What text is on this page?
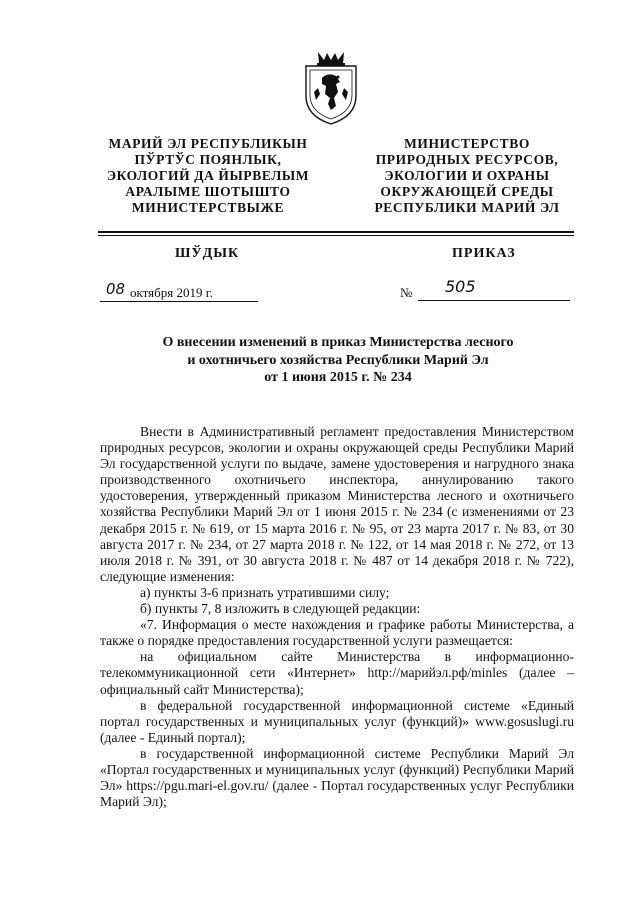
МАРИЙ ЭЛ РЕСПУБЛИКЫН
ПЎРТЎС ПОЯНЛЫК,
ЭКОЛОГИЙ ДА ЙЫРВЕЛЫМ
АРАЛЫМЕ ШОТЫШТО
МИНИСТЕРСТВЫЖЕ
МИНИСТЕРСТВО
ПРИРОДНЫХ РЕСУРСОВ,
ЭКОЛОГИИ И ОХРАНЫ
ОКРУЖАЮЩЕЙ СРЕДЫ
РЕСПУБЛИКИ МАРИЙ ЭЛ
ШЎДЫК	ПРИКАЗ
08 октября 2019 г.	№ 505
О внесении изменений в приказ Министерства лесного
и охотничьего хозяйства Республики Марий Эл
от 1 июня 2015 г. № 234

Внести в Административный регламент предоставления Министерством природных ресурсов, экологии и охраны окружающей среды Республики Марий Эл государственной услуги по выдаче, замене удостоверения и нагрудного знака производственного охотничьего инспектора, аннулированию такого удостоверения, утвержденный приказом Министерства лесного и охотничьего хозяйства Республики Марий Эл от 1 июня 2015 г. № 234 (с изменениями от 23 декабря 2015 г. № 619, от 15 марта 2016 г. № 95, от 23 марта 2017 г. № 83, от 30 августа 2017 г. № 234, от 27 марта 2018 г. № 122, от 14 мая 2018 г. № 272, от 13 июля 2018 г. № 391, от 30 августа 2018 г. № 487 от 14 декабря 2018 г. № 722), следующие изменения:

а) пункты 3-6 признать утратившими силу;

б) пункты 7, 8 изложить в следующей редакции:

«7. Информация о месте нахождения и графике работы Министерства, а также о порядке предоставления государственной услуги размещается:

на официальном сайте Министерства в информационно-телекоммуникационной сети «Интернет» http://марийэл.рф/minles (далее – официальный сайт Министерства);

в федеральной государственной информационной системе «Единый портал государственных и муниципальных услуг (функций)» www.gosuslugi.ru (далее - Единый портал);

в государственной информационной системе Республики Марий Эл «Портал государственных и муниципальных услуг (функций) Республики Марий Эл» https://pgu.mari-el.gov.ru/ (далее - Портал государственных услуг Республики Марий Эл);
